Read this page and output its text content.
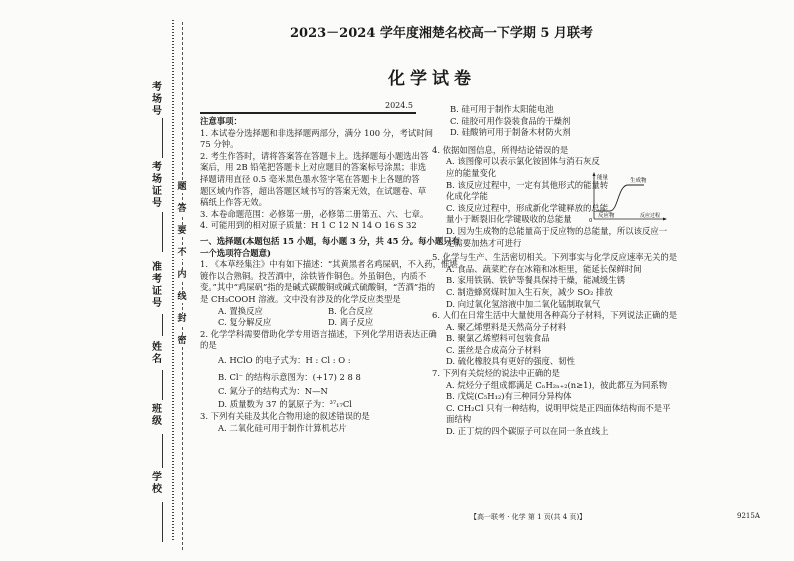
考场号
考场证号
准考证号
姓名
班级
学校
题
答
要
不
内
线
封
密
2023－2024 学年度湘楚名校高一下学期 5 月联考
化学试卷
2024.5

注意事项：

1. 本试卷分选择题和非选择题两部分，满分 100 分，考试时间

75 分钟。

2. 考生作答时，请将答案答在答题卡上。选择题每小题选出答

案后，用 2B 铅笔把答题卡上对应题目的答案标号涂黑；非选

择题请用直径 0.5 毫米黑色墨水签字笔在答题卡上各题的答

题区域内作答，超出答题区域书写的答案无效，在试题卷、草

稿纸上作答无效。

3. 本卷命题范围：必修第一册，必修第二册第五、六、七章。

4. 可能用到的相对原子质量：H 1 C 12 N 14 O 16 S 32

一、选择题(本题包括 15 小题，每小题 3 分，共 45 分。每小题只有

一个选项符合题意)

1. 《本草经集注》中有如下描述：“其黄黑者名鸡屎矾，不入药，惟堪

镀作以合熟铜。投苦酒中，涂铁皆作铜色。外虽铜色，内质不

变。”其中“鸡屎矾”指的是碱式碳酸铜或碱式硫酸铜，“苦酒”指的

是 CH₃COOH 溶液。文中没有涉及的化学反应类型是

A. 置换反应	B. 化合反应

C. 复分解反应	D. 离子反应

2. 化学学科需要借助化学专用语言描述，下列化学用语表达正确

的是

A. HClO 的电子式为：H : Cl : O :

B. Cl⁻ 的结构示意图为：(+17) 2 8 8

C. 氮分子的结构式为：N—N

D. 质量数为 37 的氯原子为：³⁷₁₇Cl

3. 下列有关硅及其化合物用途的叙述错误的是

A. 二氧化硅可用于制作计算机芯片

B. 硅可用于制作太阳能电池

C. 硅胶可用作袋装食品的干燥剂

D. 硅酸钠可用于制备木材防火剂

4. 依据如图信息，所得结论错误的是

A. 该图像可以表示氯化铵固体与消石灰反

应的能量变化

B. 该反应过程中，一定有其他形式的能量转

化成化学能

C. 该反应过程中，形成新化学键释放的总能

量小于断裂旧化学键吸收的总能量

D. 因为生成物的总能量高于反应物的总能量，所以该反应一

定需要加热才可进行

5. 化学与生产、生活密切相关。下列事实与化学反应速率无关的是

A. 食品、蔬菜贮存在冰箱和冰柜里，能延长保鲜时间

B. 家用铁锅、铁铲等餐具保持干燥，能减缓生锈

C. 制造蜂窝煤时加入生石灰，减少 SO₂ 排放

D. 向过氧化氢溶液中加二氧化锰制取氧气

6. 人们在日常生活中大量使用各种高分子材料，下列说法正确的是

A. 聚乙烯塑料是天然高分子材料

B. 聚氯乙烯塑料可包装食品

C. 蛋丝是合成高分子材料

D. 硫化橡胶具有更好的强度、韧性

7. 下列有关烷烃的说法中正确的是

A. 烷烃分子组成都满足 CₙH₂ₙ₊₂(n≥1)，彼此都互为同系物

B. 戊烷(C₅H₁₂)有三种同分异构体

C. CH₂Cl 只有一种结构，说明甲烷是正四面体结构而不是平

面结构

D. 正丁烷的四个碳原子可以在同一条直线上

能量	生成物
反应物	反应过程
0
【高一联考 · 化学 第 1 页(共 4 页)】	9215A
